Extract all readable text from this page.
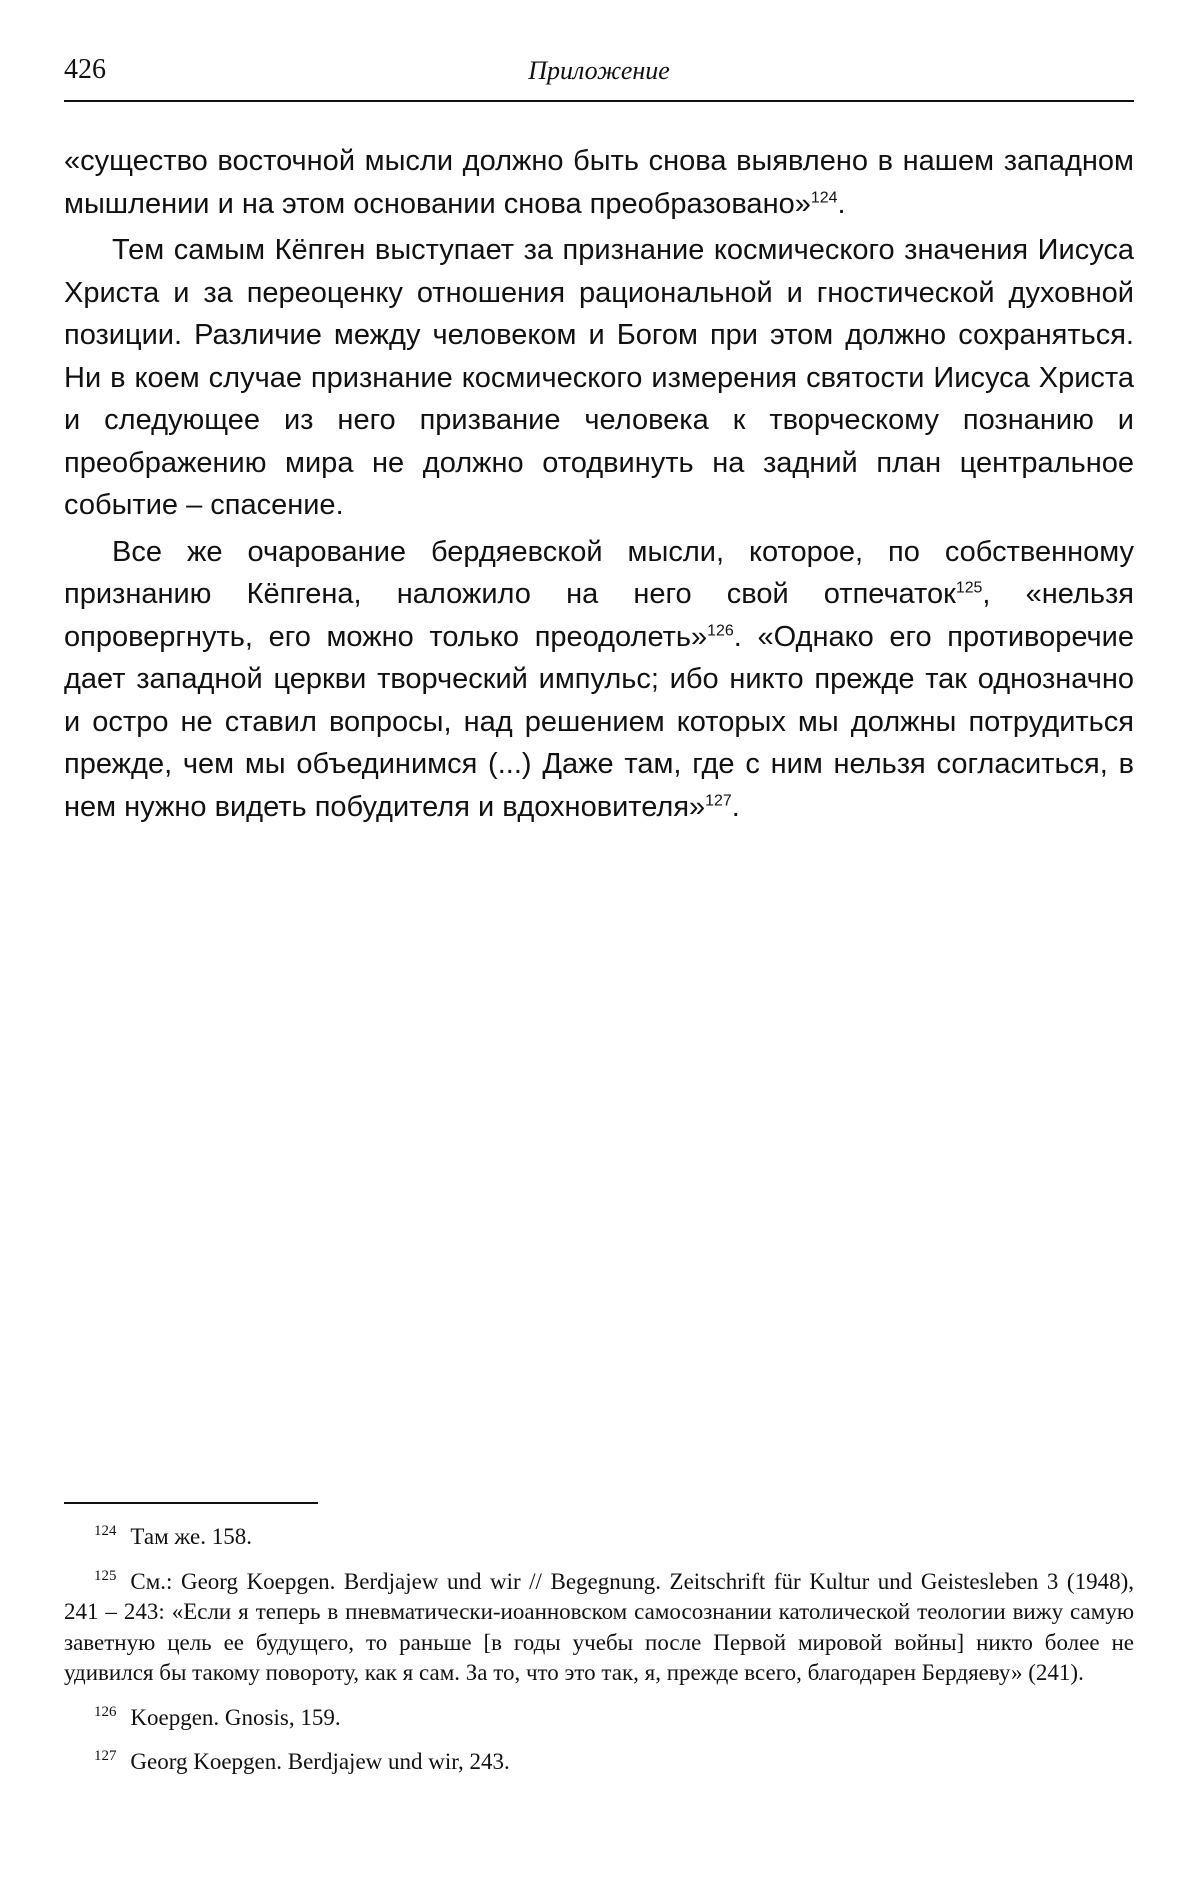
426	Приложение

«существо восточной мысли должно быть снова выявлено в нашем западном мышлении и на этом основании снова преобразовано»$^{124}$.

Тем самым Кёпген выступает за признание космического значения Иисуса Христа и за переоценку отношения рациональной и гностической духовной позиции. Различие между человеком и Богом при этом должно сохраняться. Ни в коем случае признание космического измерения святости Иисуса Христа и следующее из него призвание человека к творческому познанию и преображению мира не должно отодвинуть на задний план центральное событие – спасение.

Все же очарование бердяевской мысли, которое, по собственному признанию Кёпгена, наложило на него свой отпечаток$^{125}$, «нельзя опровергнуть, его можно только преодолеть»$^{126}$. «Однако его противоречие дает западной церкви творческий импульс; ибо никто прежде так однозначно и остро не ставил вопросы, над решением которых мы должны потрудиться прежде, чем мы объединимся (...) Даже там, где с ним нельзя согласиться, в нем нужно видеть побудителя и вдохновителя»$^{127}$.

$^{124}$ Там же. 158.

$^{125}$ См.: Georg Koepgen. Berdjajew und wir // Begegnung. Zeitschrift für Kultur und Geistesleben 3 (1948), 241 – 243: «Если я теперь в пневматически-иоанновском самосознании католической теологии вижу самую заветную цель ее будущего, то раньше [в годы учебы после Первой мировой войны] никто более не удивился бы такому повороту, как я сам. За то, что это так, я, прежде всего, благодарен Бердяеву» (241).

$^{126}$ Koepgen. Gnosis, 159.

$^{127}$ Georg Koepgen. Berdjajew und wir, 243.
